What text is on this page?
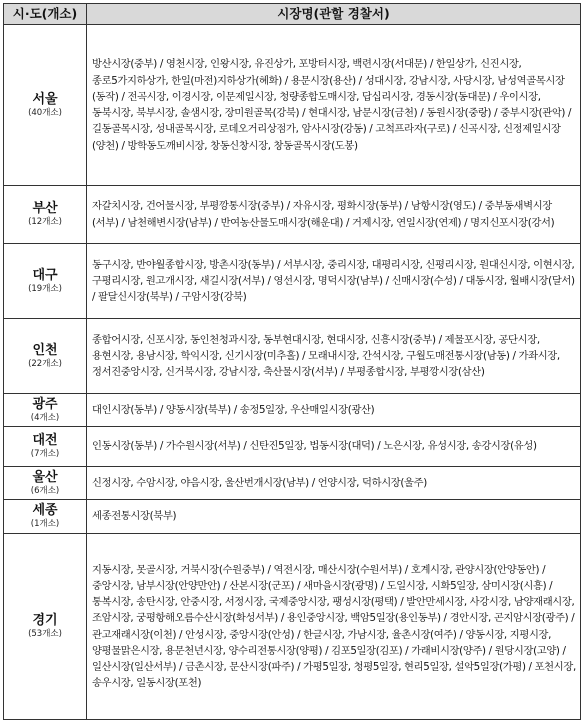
시·도(개소)	시장명(관할 경찰서)

서울
(40개소)	방산시장(중부) / 영천시장, 인왕시장, 유진상가, 포방터시장, 백련시장(서대문) / 한일상가, 신진시장, 종로5가지하상가, 한일(마전)지하상가(혜화) / 용문시장(용산) / 성대시장, 강남시장, 사당시장, 남성역골목시장(동작) / 전곡시장, 이경시장, 이문제일시장, 청량종합도매시장, 답십리시장, 경동시장(동대문) / 우이시장, 동북시장, 북부시장, 솔샘시장, 장미원골목(강북) / 현대시장, 남문시장(금천) / 동원시장(중랑) / 중부시장(관악) / 길동골목시장, 성내골목시장, 로데오거리상점가, 암사시장(강동) / 고척프라자(구로) / 신곡시장, 신정제일시장(양천) / 방학동도깨비시장, 창동신창시장, 창동골목시장(도봉)

부산
(12개소)	자갈치시장, 건어물시장, 부평깡통시장(중부) / 자유시장, 평화시장(동부) / 남항시장(영도) / 중부동새벽시장(서부) / 남천해변시장(남부) / 반여농산물도매시장(해운대) / 거제시장, 연일시장(연제) / 명지신포시장(강서)

대구
(19개소)	동구시장, 반야월종합시장, 방촌시장(동부) / 서부시장, 중리시장, 대평리시장, 신평리시장, 원대신시장, 이현시장, 구평리시장, 원고개시장, 새길시장(서부) / 영선시장, 명덕시장(남부) / 신매시장(수성) / 대동시장, 월배시장(달서) / 팔달신시장(북부) / 구암시장(강북)

인천
(22개소)	종합어시장, 신포시장, 동인천청과시장, 동부현대시장, 현대시장, 신흥시장(중부) / 제물포시장, 공단시장, 용현시장, 용남시장, 학익시장, 신기시장(미추홀) / 모래내시장, 간석시장, 구월도매전통시장(남동) / 가좌시장, 정서진중앙시장, 신거북시장, 강남시장, 축산물시장(서부) / 부평종합시장, 부평깡시장(삼산)

광주
(4개소)	대인시장(동부) / 양동시장(북부) / 송정5일장, 우산매일시장(광산)

대전
(7개소)	인동시장(동부) / 가수원시장(서부) / 신탄진5일장, 법동시장(대덕) / 노은시장, 유성시장, 송강시장(유성)

울산
(6개소)	신정시장, 수암시장, 야음시장, 울산번개시장(남부) / 언양시장, 덕하시장(울주)

세종
(1개소)	세종전통시장(북부)

경기
(53개소)	지동시장, 못골시장, 거북시장(수원중부) / 역전시장, 매산시장(수원서부) / 호계시장, 관양시장(안양동안) / 중앙시장, 남부시장(안양만안) / 산본시장(군포) / 새마을시장(광명) / 도일시장, 시화5일장, 삼미시장(시흥) / 통복시장, 송탄시장, 안중시장, 서정시장, 국제중앙시장, 팽성시장(평택) / 발안만세시장, 사강시장, 남양재래시장, 조암시장, 궁평항해오름수산시장(화성서부) / 용인중앙시장, 백암5일장(용인동부) / 경안시장, 곤지암시장(광주) / 관고재래시장(이천) / 안성시장, 중앙시장(안성) / 한글시장, 가남시장, 율촌시장(여주) / 양동시장, 지평시장, 양평물맑은시장, 용문천년시장, 양수리전통시장(양평) / 김포5일장(김포) / 가래비시장(양주) / 원당시장(고양) / 일산시장(일산서부) / 금촌시장, 문산시장(파주) / 가평5일장, 청평5일장, 현리5일장, 설악5일장(가평) / 포천시장, 송우시장, 일동시장(포천)
